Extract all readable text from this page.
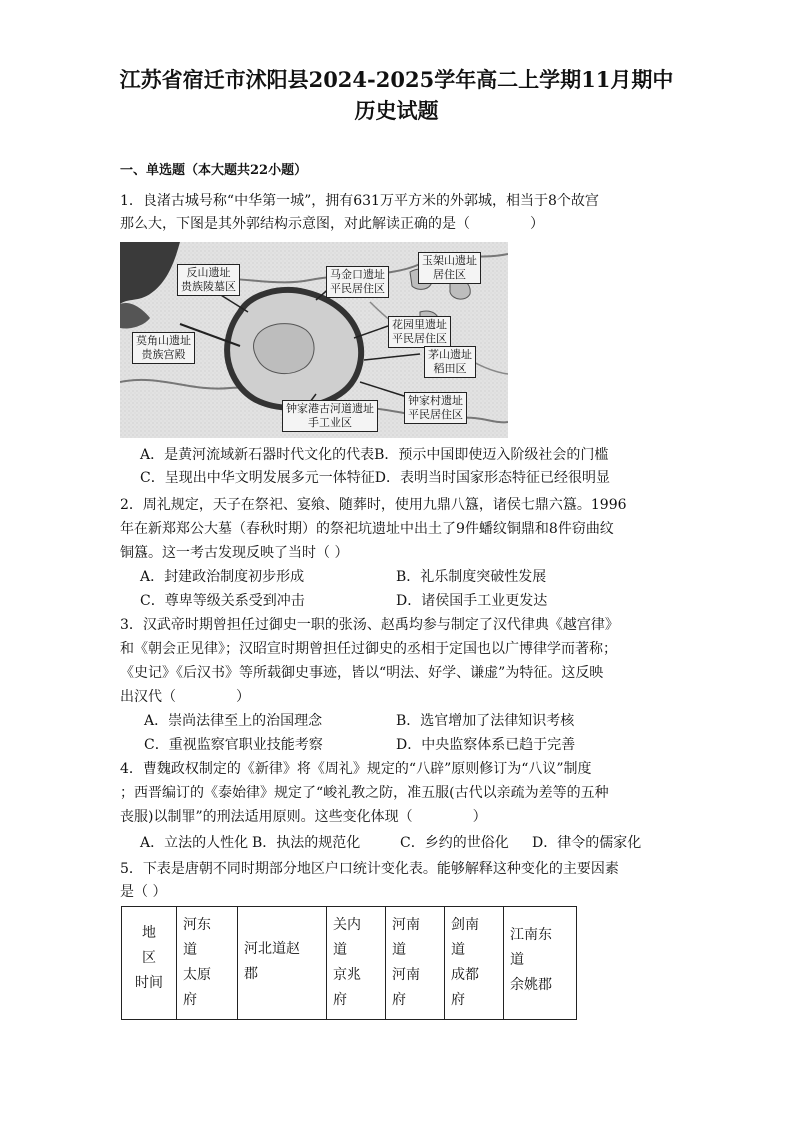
江苏省宿迁市沭阳县2024-2025学年高二上学期11月期中
历史试题
一、单选题（本大题共22小题）
1．良渚古城号称“中华第一城”，拥有631万平方米的外郭城，相当于8个故宫
那么大，下图是其外郭结构示意图，对此解读正确的是（	）
反山遗址
贵族陵墓区
莫角山遗址
贵族宫殿
马金口遗址
平民居住区
玉架山遗址
居住区
花园里遗址
平民居住区
茅山遗址
稻田区
钟家港古河道遗址
手工业区
钟家村遗址
平民居住区
A．是黄河流域新石器时代文化的代表B．预示中国即使迈入阶级社会的门槛
C．呈现出中华文明发展多元一体特征D．表明当时国家形态特征已经很明显
2．周礼规定，天子在祭祀、宴飨、随葬时，使用九鼎八簋，诸侯七鼎六簋。1996
年在新郑郑公大墓（春秋时期）的祭祀坑遗址中出土了9件蟠纹铜鼎和8件窃曲纹
铜簋。这一考古发现反映了当时（ ）
A．封建政治制度初步形成	B．礼乐制度突破性发展
C．尊卑等级关系受到冲击	D．诸侯国手工业更发达
3．汉武帝时期曾担任过御史一职的张汤、赵禹均参与制定了汉代律典《越宫律》
和《朝会正见律》；汉昭宣时期曾担任过御史的丞相于定国也以广博律学而著称；
《史记》《后汉书》等所载御史事迹，皆以“明法、好学、谦虚”为特征。这反映
出汉代（	）
A．崇尚法律至上的治国理念	B．选官增加了法律知识考核
C．重视监察官职业技能考察	D．中央监察体系已趋于完善
4．曹魏政权制定的《新律》将《周礼》规定的“八辟”原则修订为“八议”制度
；西晋编订的《泰始律》规定了“峻礼教之防，准五服(古代以亲疏为差等的五种
丧服)以制罪”的刑法适用原则。这些变化体现（	）
A．立法的人性化 B．执法的规范化	C．乡约的世俗化 D．律令的儒家化
5．下表是唐朝不同时期部分地区户口统计变化表。能够解释这种变化的主要因素
是（ ）
地
区
时间

河东
道
太原
府

河北道赵
郡

关内
道
京兆
府

河南
道
河南
府

剑南
道
成都
府

江南东
道
余姚郡
